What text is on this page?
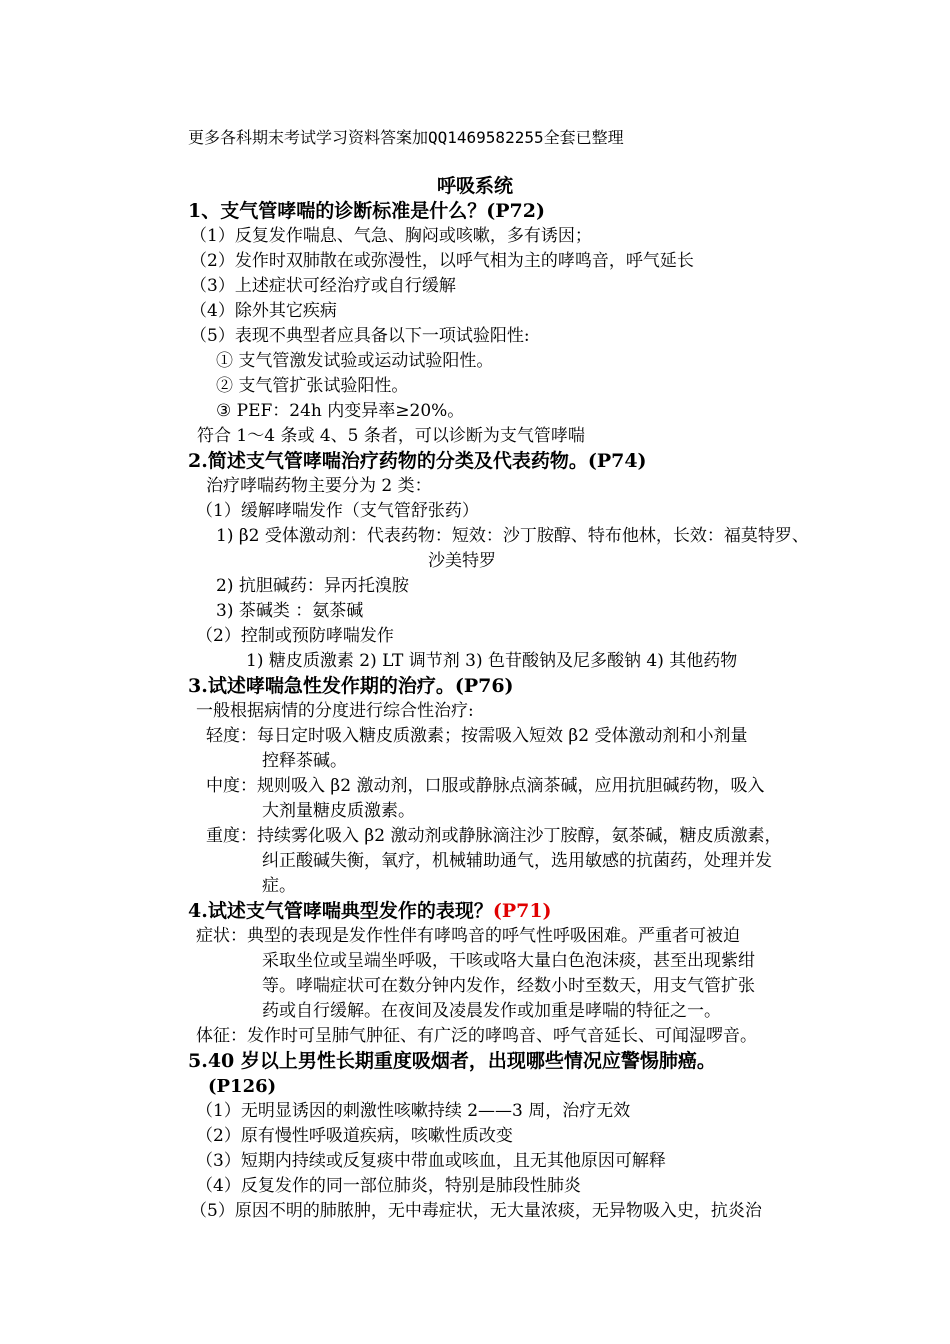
更多各科期末考试学习资料答案加QQ1469582255全套已整理
呼吸系统
1、支气管哮喘的诊断标准是什么？(P72)
（1）反复发作喘息、气急、胸闷或咳嗽，多有诱因；
（2）发作时双肺散在或弥漫性，以呼气相为主的哮鸣音，呼气延长
（3）上述症状可经治疗或自行缓解
（4）除外其它疾病
（5）表现不典型者应具备以下一项试验阳性:
① 支气管激发试验或运动试验阳性。
② 支气管扩张试验阳性。
③ PEF：24h 内变异率≥20%。
符合 1～4 条或 4、5 条者，可以诊断为支气管哮喘
2.简述支气管哮喘治疗药物的分类及代表药物。(P74)
治疗哮喘药物主要分为 2 类：
（1）缓解哮喘发作（支气管舒张药）
1) β2 受体激动剂：代表药物：短效：沙丁胺醇、特布他林，长效：福莫特罗、
沙美特罗
2) 抗胆碱药：异丙托溴胺
3) 茶碱类 ：氨茶碱
（2）控制或预防哮喘发作
1) 糖皮质激素 2) LT 调节剂 3) 色苷酸钠及尼多酸钠 4) 其他药物
3.试述哮喘急性发作期的治疗。(P76)
一般根据病情的分度进行综合性治疗:
轻度：每日定时吸入糖皮质激素；按需吸入短效 β2 受体激动剂和小剂量
控释茶碱。
中度：规则吸入 β2 激动剂，口服或静脉点滴茶碱，应用抗胆碱药物，吸入
大剂量糖皮质激素。
重度：持续雾化吸入 β2 激动剂或静脉滴注沙丁胺醇，氨茶碱，糖皮质激素，
纠正酸碱失衡，氧疗，机械辅助通气，选用敏感的抗菌药，处理并发
症。
4.试述支气管哮喘典型发作的表现？(P71)
症状：典型的表现是发作性伴有哮鸣音的呼气性呼吸困难。严重者可被迫
采取坐位或呈端坐呼吸，干咳或咯大量白色泡沫痰，甚至出现紫绀
等。哮喘症状可在数分钟内发作，经数小时至数天，用支气管扩张
药或自行缓解。在夜间及凌晨发作或加重是哮喘的特征之一。
体征：发作时可呈肺气肿征、有广泛的哮鸣音、呼气音延长、可闻湿啰音。
5.40 岁以上男性长期重度吸烟者，出现哪些情况应警惕肺癌。
(P126)
（1）无明显诱因的刺激性咳嗽持续 2——3 周，治疗无效
（2）原有慢性呼吸道疾病，咳嗽性质改变
（3）短期内持续或反复痰中带血或咳血，且无其他原因可解释
（4）反复发作的同一部位肺炎，特别是肺段性肺炎
（5）原因不明的肺脓肿，无中毒症状，无大量浓痰，无异物吸入史，抗炎治
